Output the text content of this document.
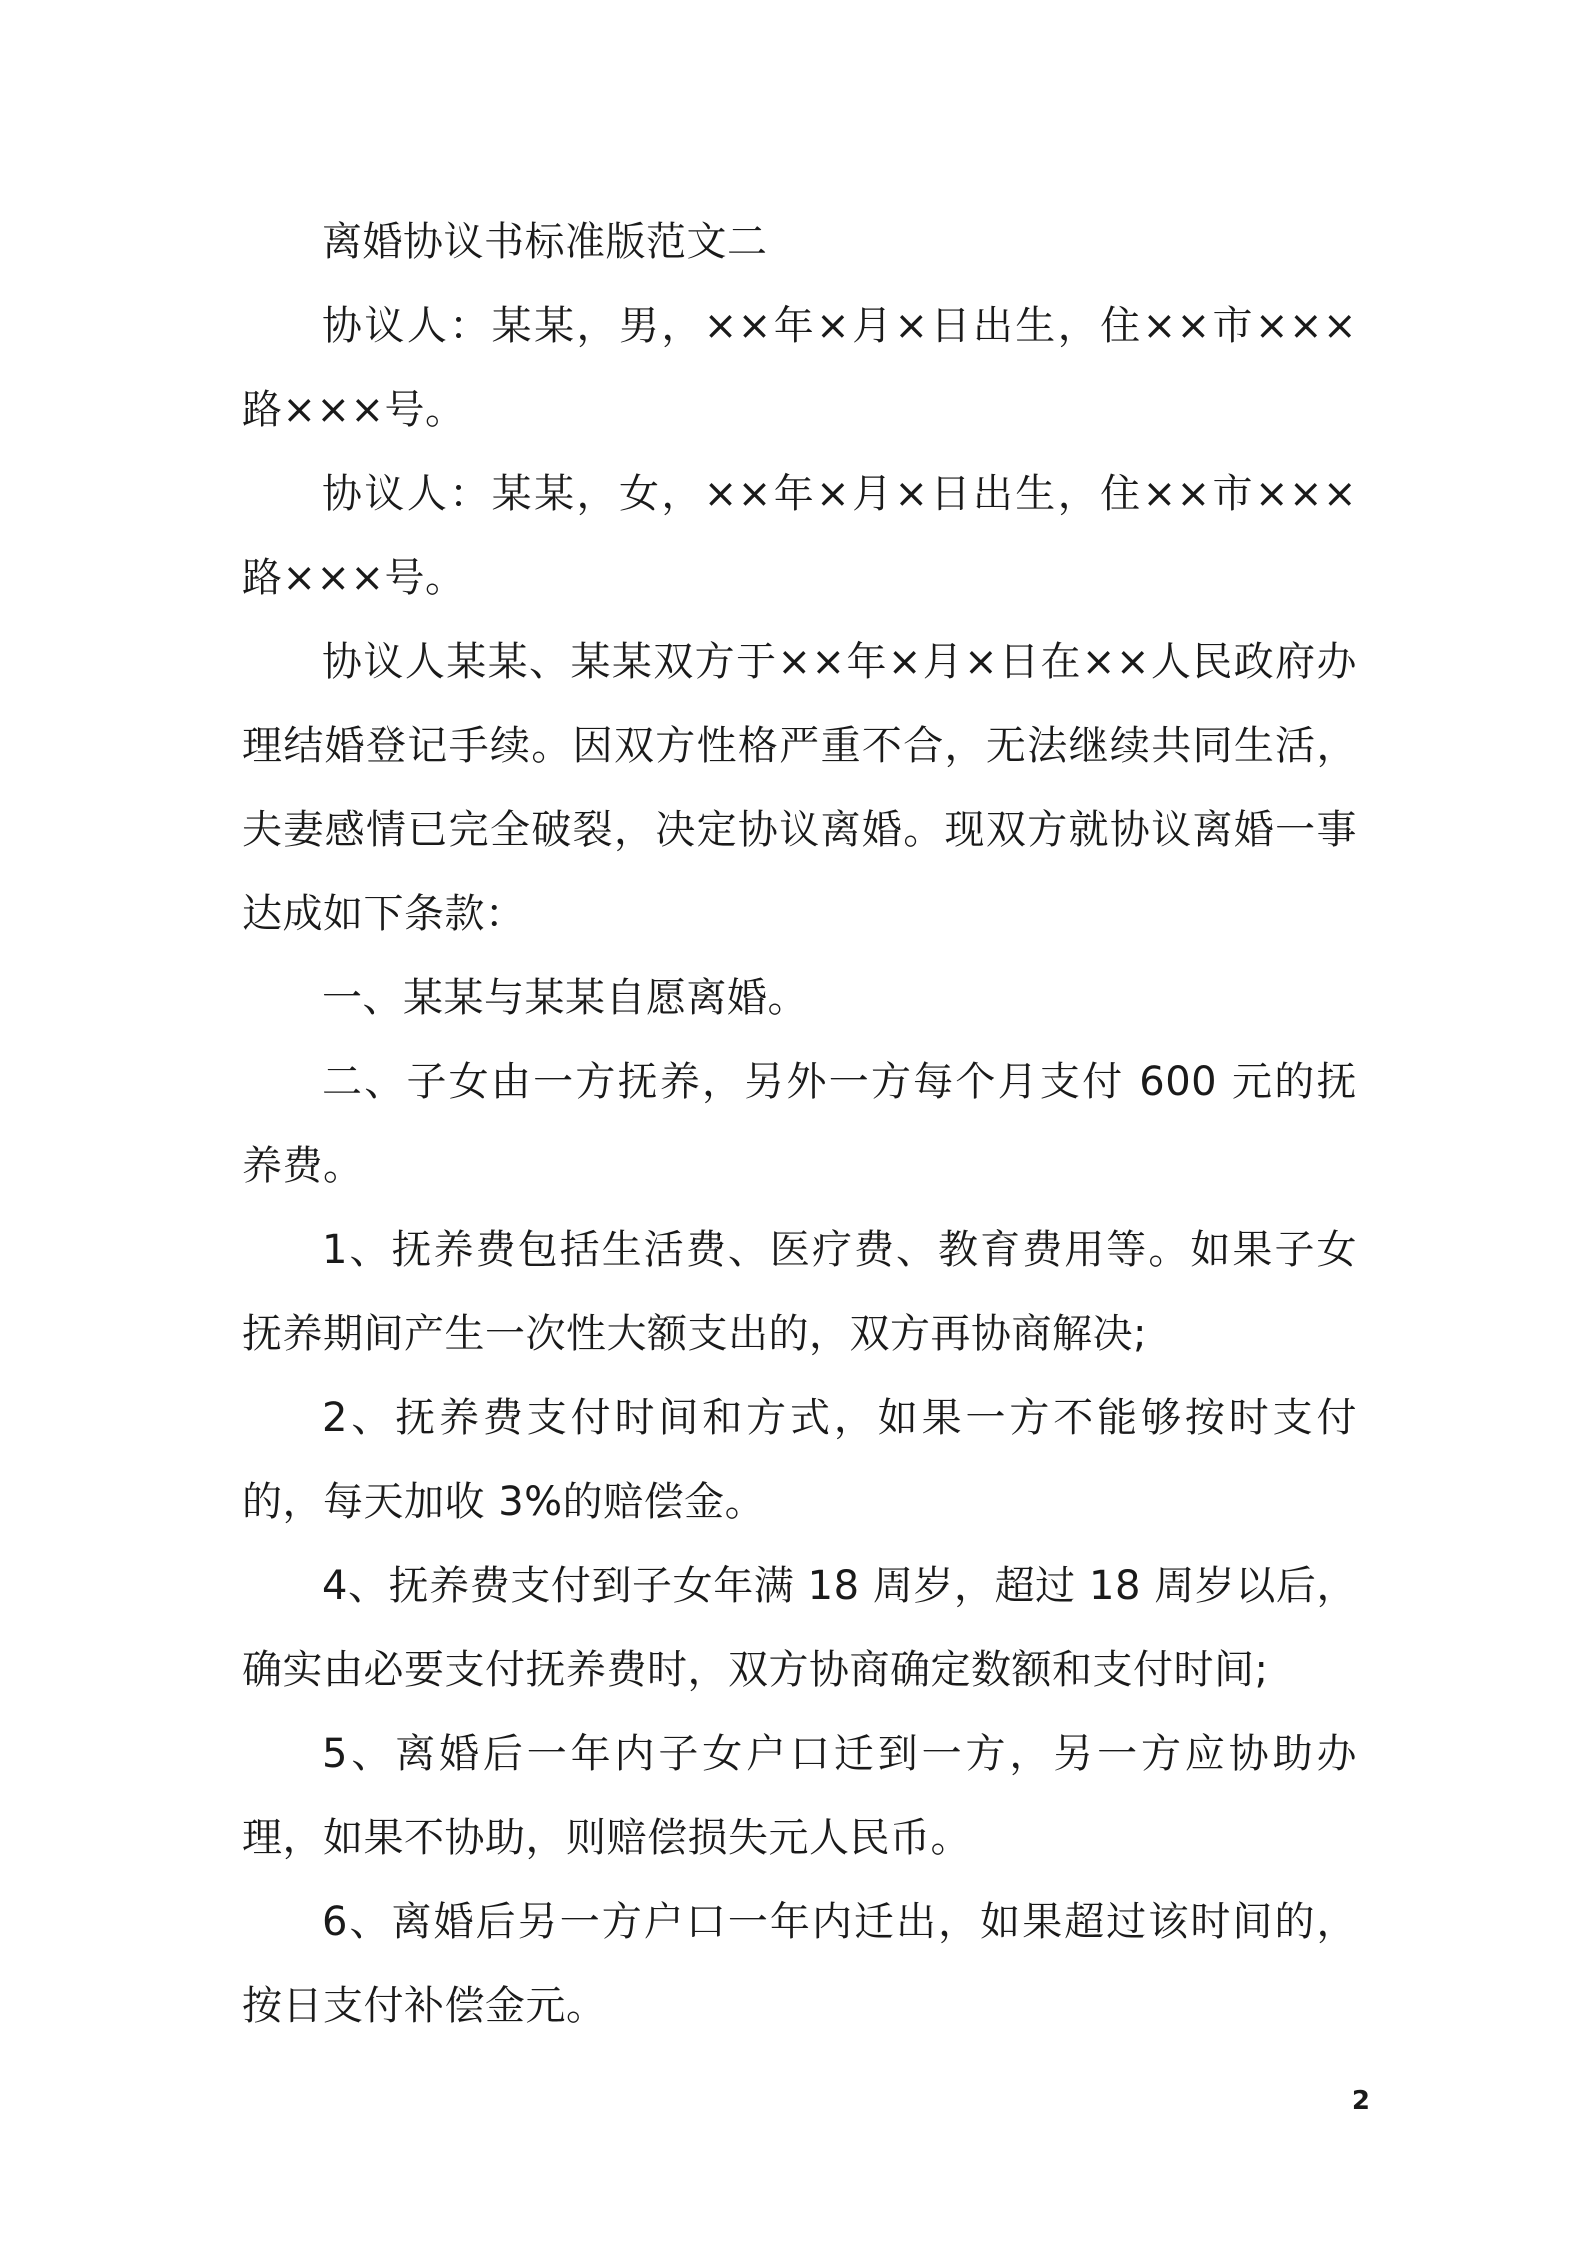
离婚协议书标准版范文二

协议人：某某，男，××年×月×日出生，住××市×××路×××号。

协议人：某某，女，××年×月×日出生，住××市×××路×××号。

协议人某某、某某双方于××年×月×日在××人民政府办理结婚登记手续。因双方性格严重不合，无法继续共同生活，夫妻感情已完全破裂，决定协议离婚。现双方就协议离婚一事达成如下条款：

一、某某与某某自愿离婚。

二、子女由一方抚养，另外一方每个月支付 600 元的抚养费。

1、抚养费包括生活费、医疗费、教育费用等。如果子女抚养期间产生一次性大额支出的，双方再协商解决;

2、抚养费支付时间和方式，如果一方不能够按时支付的，每天加收 3%的赔偿金。

4、抚养费支付到子女年满 18 周岁，超过 18 周岁以后，确实由必要支付抚养费时，双方协商确定数额和支付时间;

5、离婚后一年内子女户口迁到一方，另一方应协助办理，如果不协助，则赔偿损失元人民币。

6、离婚后另一方户口一年内迁出，如果超过该时间的，按日支付补偿金元。

2
